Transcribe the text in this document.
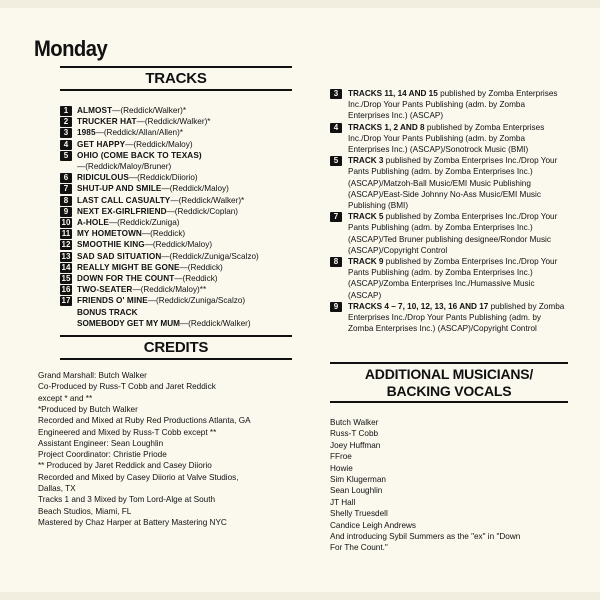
Monday
TRACKS
1	ALMOST —(Reddick/Walker)*
2	TRUCKER HAT —(Reddick/Walker)*
3	1985 —(Reddick/Allan/Allen)*
4	GET HAPPY —(Reddick/Maloy)
5	OHIO (COME BACK TO TEXAS)
—(Reddick/Maloy/Bruner)
6	RIDICULOUS —(Reddick/Diiorio)
7	SHUT-UP AND SMILE —(Reddick/Maloy)
8	LAST CALL CASUALTY —(Reddick/Walker)*
9	NEXT EX-GIRLFRIEND —(Reddick/Coplan)
10 A-HOLE —(Reddick/Zuniga)
11 MY HOMETOWN —(Reddick)
12 SMOOTHIE KING —(Reddick/Maloy)
13 SAD SAD SITUATION —(Reddick/Zuniga/Scalzo)
14 REALLY MIGHT BE GONE —(Reddick)
15 DOWN FOR THE COUNT —(Reddick)
16 TWO-SEATER —(Reddick/Maloy)**
17 FRIENDS O' MINE —(Reddick/Zuniga/Scalzo)
BONUS TRACK
SOMEBODY GET MY MUM—(Reddick/Walker)
CREDITS

Grand Marshall: Butch Walker

Co-Produced by Russ-T Cobb and Jaret Reddick

except * and **

*Produced by Butch Walker

Recorded and Mixed at Ruby Red Productions Atlanta, GA

Engineered and Mixed by Russ-T Cobb except **

Assistant Engineer: Sean Loughlin

Project Coordinator: Christie Priode

** Produced by Jaret Reddick and Casey Diiorio

Recorded and Mixed by Casey Diiorio at Valve Studios,

Dallas, TX

Tracks 1 and 3 Mixed by Tom Lord-Alge at South

Beach Studios, Miami, FL

Mastered by Chaz Harper at Battery Mastering NYC

3	TRACKS 11, 14 AND 15 published by Zomba Enterprises Inc./Drop Your Pants Publishing (adm. by Zomba Enterprises Inc.) (ASCAP)
4	TRACKS 1, 2 AND 8 published by Zomba Enterprises Inc./Drop Your Pants Publishing (adm. by Zomba Enterprises Inc.) (ASCAP)/Sonotrock Music (BMI)
5	TRACK 3 published by Zomba Enterprises Inc./Drop Your Pants Publishing (adm. by Zomba Enterprises Inc.) (ASCAP)/Matzoh-Ball Music/EMI Music Publishing (ASCAP)/East-Side Johnny No-Ass Music/EMI Music Publishing (BMI)
7	TRACK 5 published by Zomba Enterprises Inc./Drop Your Pants Publishing (adm. by Zomba Enterprises Inc.) (ASCAP)/Ted Bruner publishing designee/Rondor Music (ASCAP)/Copyright Control
8	TRACK 9 published by Zomba Enterprises Inc./Drop Your Pants Publishing (adm. by Zomba Enterprises Inc.) (ASCAP)/Zomba Enterprises Inc./Humassive Music (ASCAP)
9	TRACKS 4 – 7, 10, 12, 13, 16 AND 17 published by Zomba Enterprises Inc./Drop Your Pants Publishing (adm. by Zomba Enterprises Inc.) (ASCAP)/Copyright Control
ADDITIONAL MUSICIANS/
BACKING VOCALS

Butch Walker

Russ-T Cobb

Joey Huffman

FFroe

Howie

Sim Klugerman

Sean Loughlin

JT Hall

Shelly Truesdell

Candice Leigh Andrews

And introducing Sybil Summers as the "ex" in "Down

For The Count."
